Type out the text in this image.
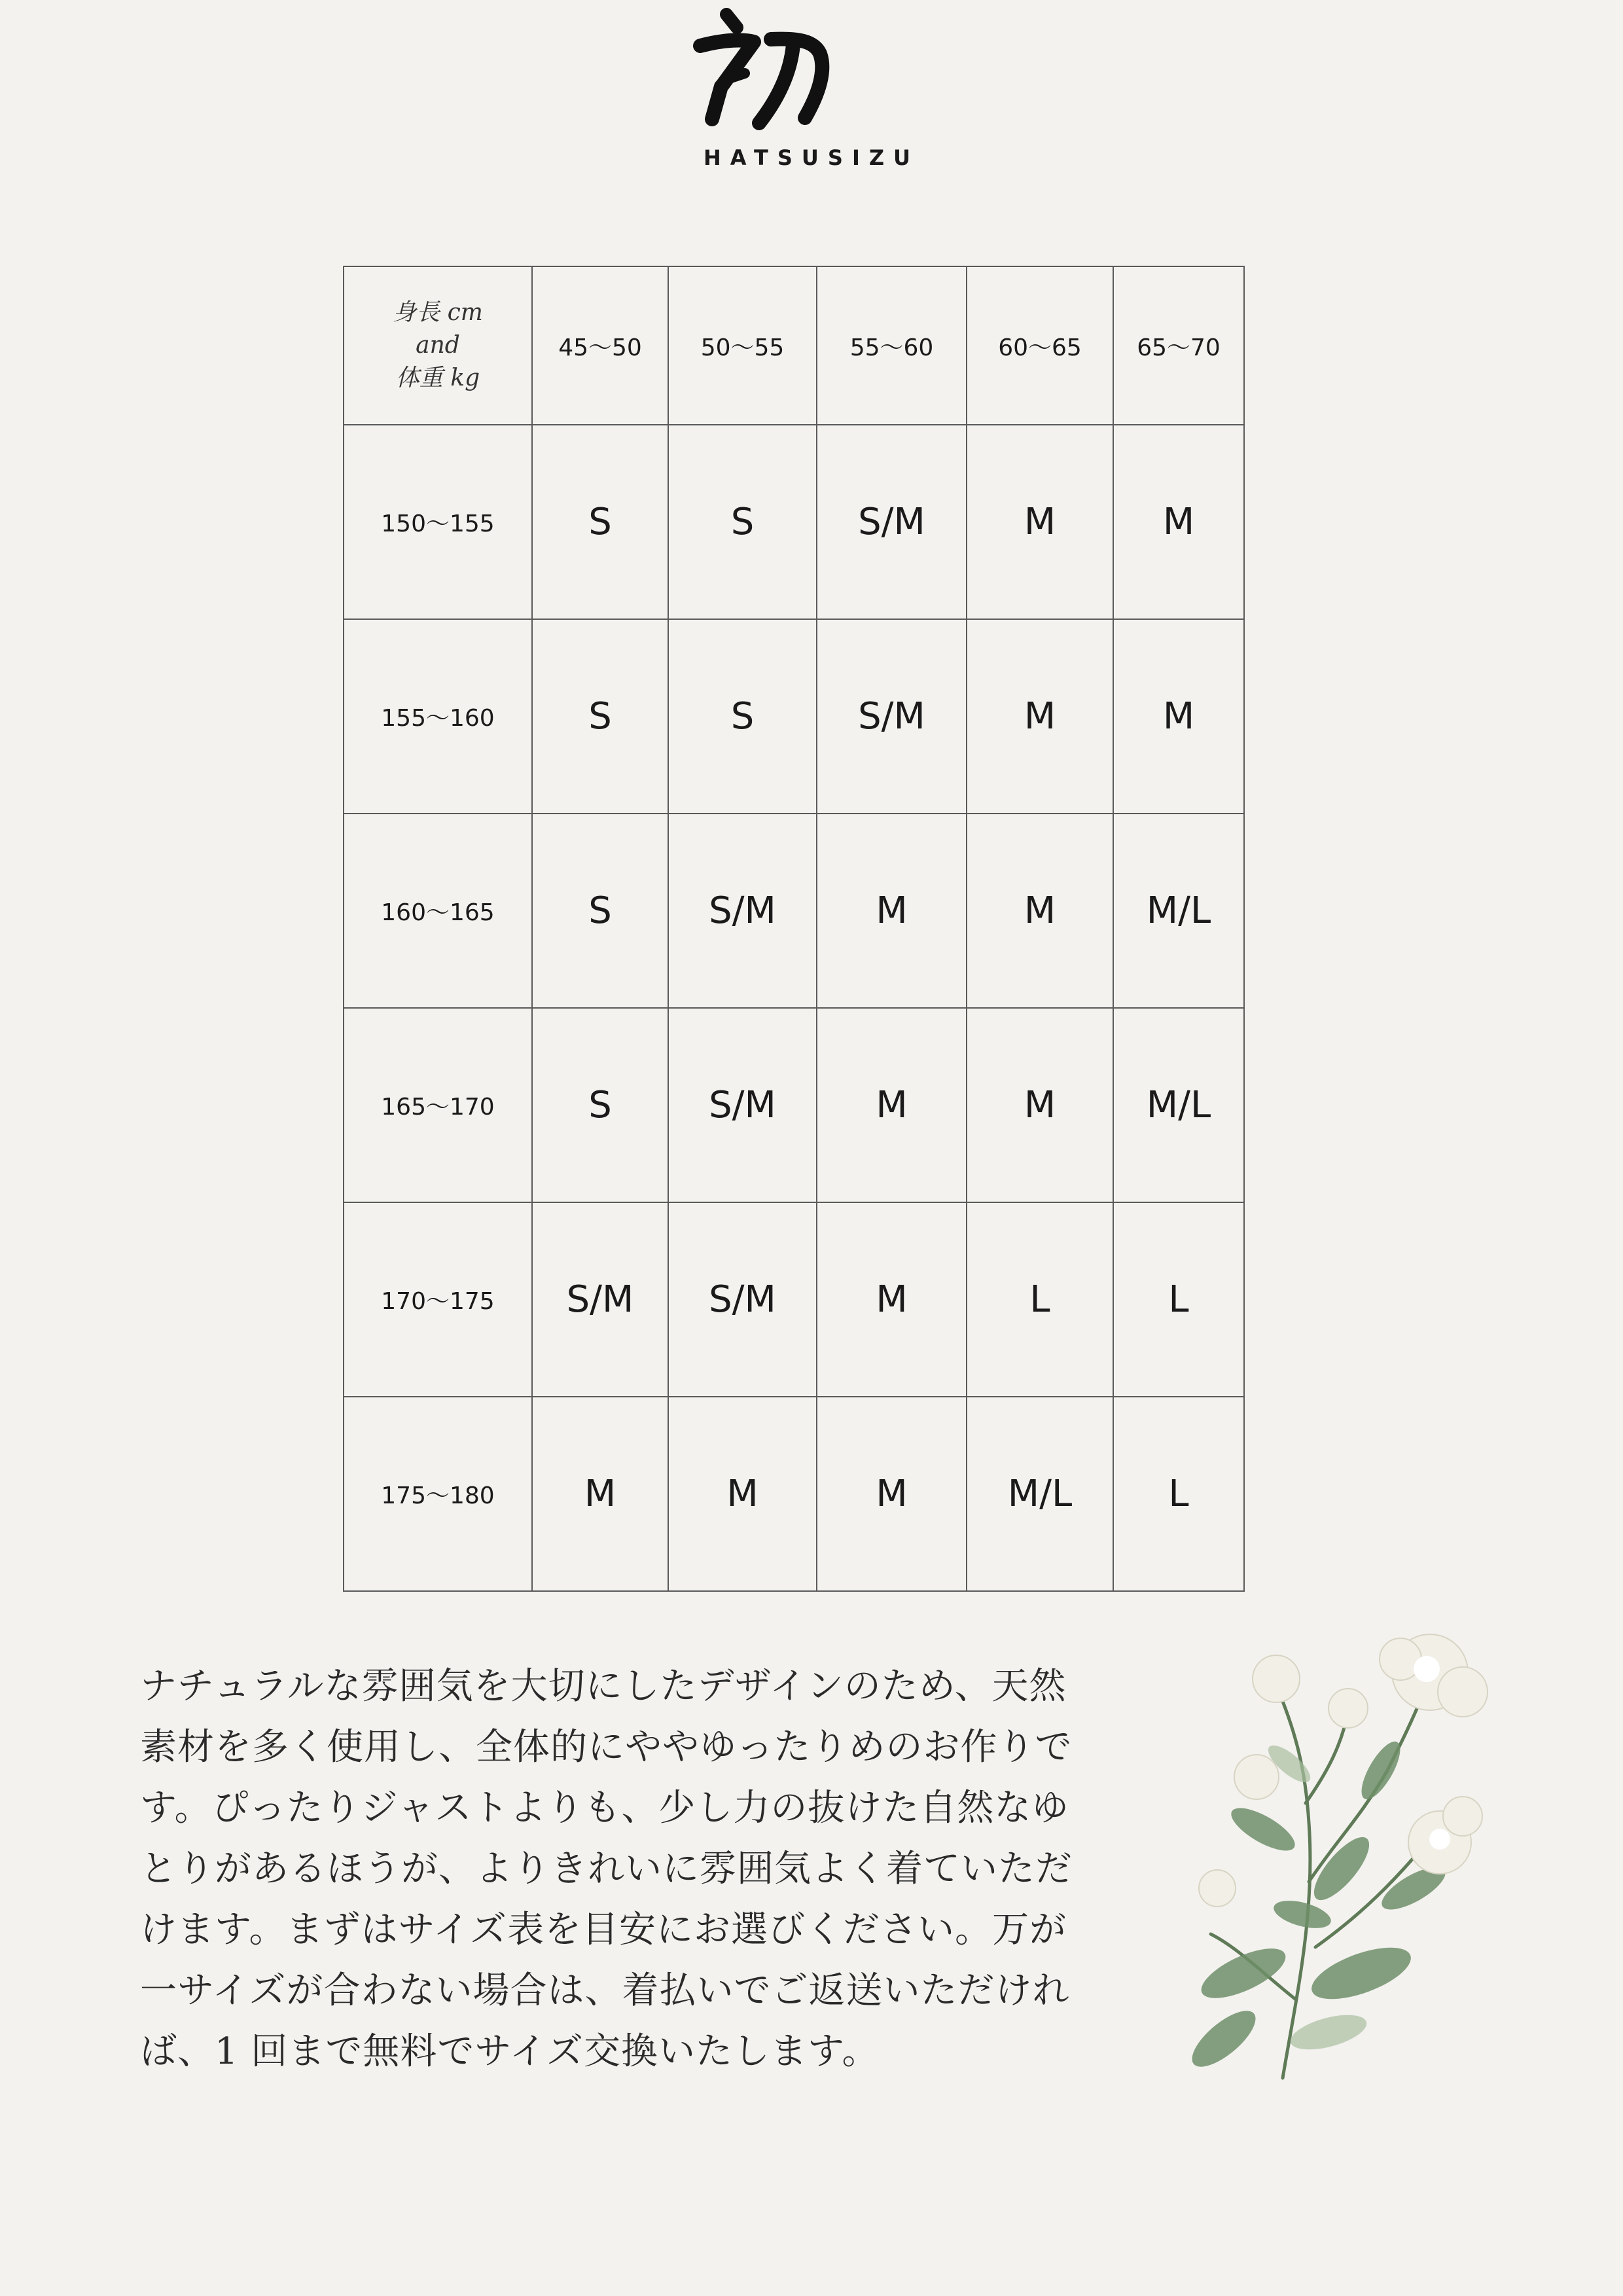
HATSUSIZU
身長 cm
and
体重 kg	45〜50	50〜55	55〜60	60〜65	65〜70
150〜155	S	S	S/M	M	M
155〜160	S	S	S/M	M	M
160〜165	S	S/M	M	M	M/L
165〜170	S	S/M	M	M	M/L
170〜175	S/M	S/M	M	L	L
175〜180	M	M	M	M/L	L
ナチュラルな雰囲気を大切にしたデザインのため、天然
素材を多く使用し、全体的にややゆったりめのお作りで
す。ぴったりジャストよりも、少し力の抜けた自然なゆ
とりがあるほうが、よりきれいに雰囲気よく着ていただ
けます。まずはサイズ表を目安にお選びください。万が
一サイズが合わない場合は、着払いでご返送いただけれ
ば、1 回まで無料でサイズ交換いたします。
